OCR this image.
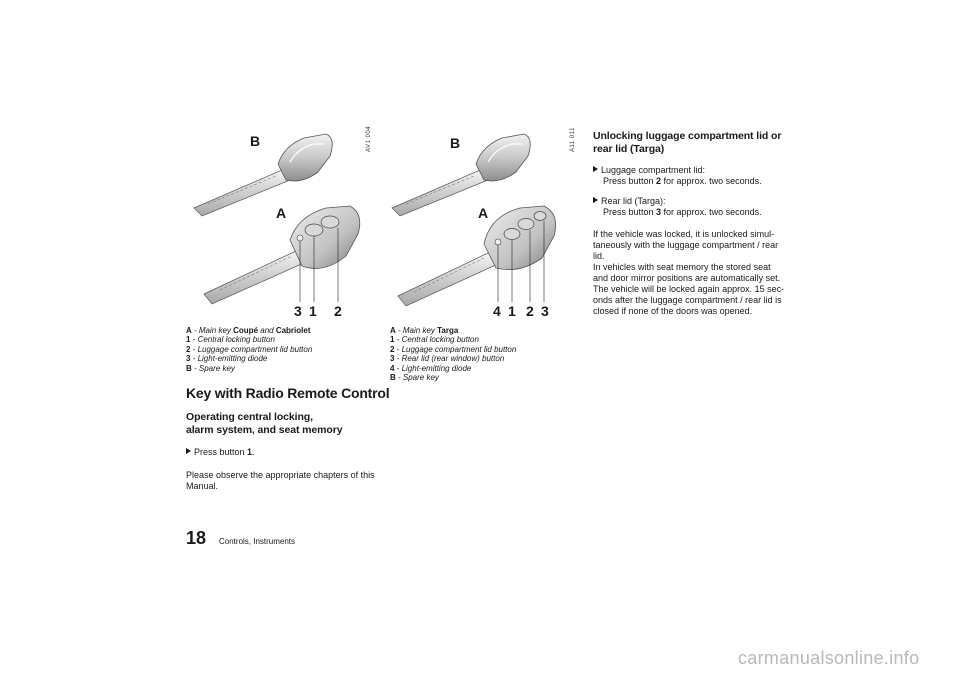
B
A
3 1 2
AV1 004	B
A
4 1 2 3
A11 011
A - Main key Coupé and Cabriolet
1 - Central locking button
2 - Luggage compartment lid button
3 - Light-emitting diode
B - Spare key
A - Main key Targa
1 - Central locking button
2 - Luggage compartment lid button
3 - Rear lid (rear window) button
4 - Light-emitting diode
B - Spare key
Key with Radio Remote Control
Operating central locking,
alarm system, and seat memory
Press button 1.
Please observe the appropriate chapters of this
Manual.
Unlocking luggage compartment lid or
rear lid (Targa)
Luggage compartment lid:
Press button 2 for approx. two seconds.
Rear lid (Targa):
Press button 3 for approx. two seconds.
If the vehicle was locked, it is unlocked simul-
taneously with the luggage compartment / rear
lid.
In vehicles with seat memory the stored seat
and door mirror positions are automatically set.
The vehicle will be locked again approx. 15 sec-
onds after the luggage compartment / rear lid is
closed if none of the doors was opened.
18 Controls, Instruments
carmanualsonline.info
